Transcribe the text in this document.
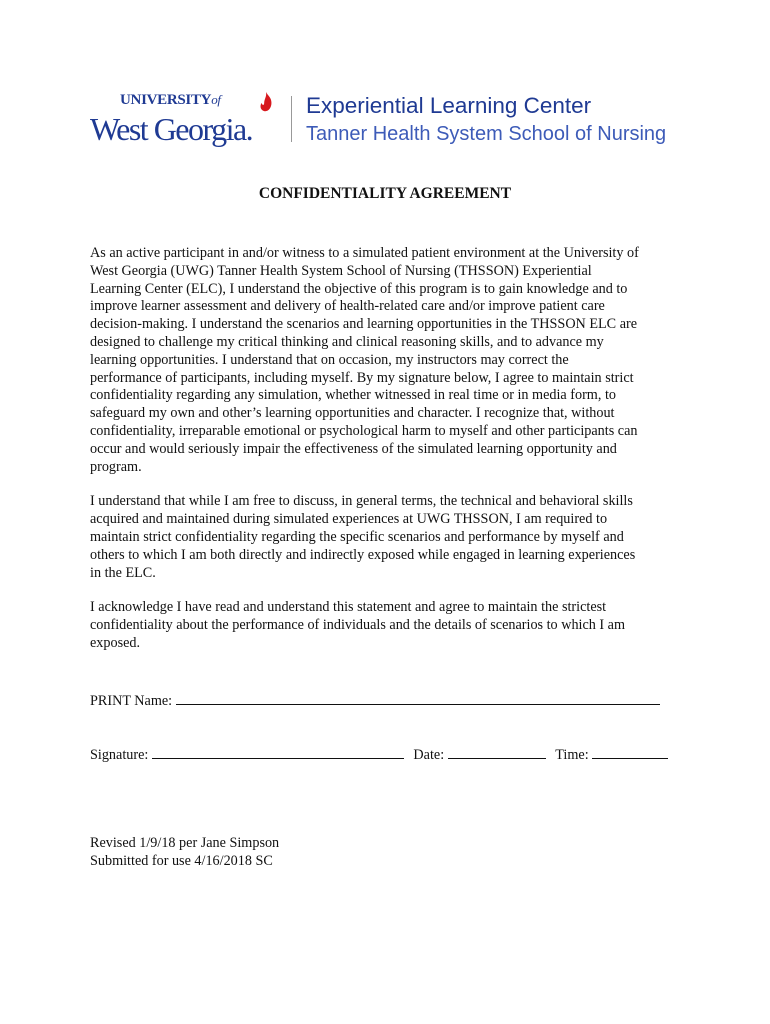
UNIVERSITYof
West Georgia.
Experiential Learning Center
Tanner Health System School of Nursing
CONFIDENTIALITY AGREEMENT

As an active participant in and/or witness to a simulated patient environment at the University of
West Georgia (UWG) Tanner Health System School of Nursing (THSSON) Experiential
Learning Center (ELC), I understand the objective of this program is to gain knowledge and to
improve learner assessment and delivery of health-related care and/or improve patient care
decision-making. I understand the scenarios and learning opportunities in the THSSON ELC are
designed to challenge my critical thinking and clinical reasoning skills, and to advance my
learning opportunities. I understand that on occasion, my instructors may correct the
performance of participants, including myself. By my signature below, I agree to maintain strict
confidentiality regarding any simulation, whether witnessed in real time or in media form, to
safeguard my own and other’s learning opportunities and character. I recognize that, without
confidentiality, irreparable emotional or psychological harm to myself and other participants can
occur and would seriously impair the effectiveness of the simulated learning opportunity and
program.

I understand that while I am free to discuss, in general terms, the technical and behavioral skills
acquired and maintained during simulated experiences at UWG THSSON, I am required to
maintain strict confidentiality regarding the specific scenarios and performance by myself and
others to which I am both directly and indirectly exposed while engaged in learning experiences
in the ELC.

I acknowledge I have read and understand this statement and agree to maintain the strictest
confidentiality about the performance of individuals and the details of scenarios to which I am
exposed.

PRINT Name:
Signature:	Date:	Time:
Revised 1/9/18 per Jane Simpson
Submitted for use 4/16/2018 SC
